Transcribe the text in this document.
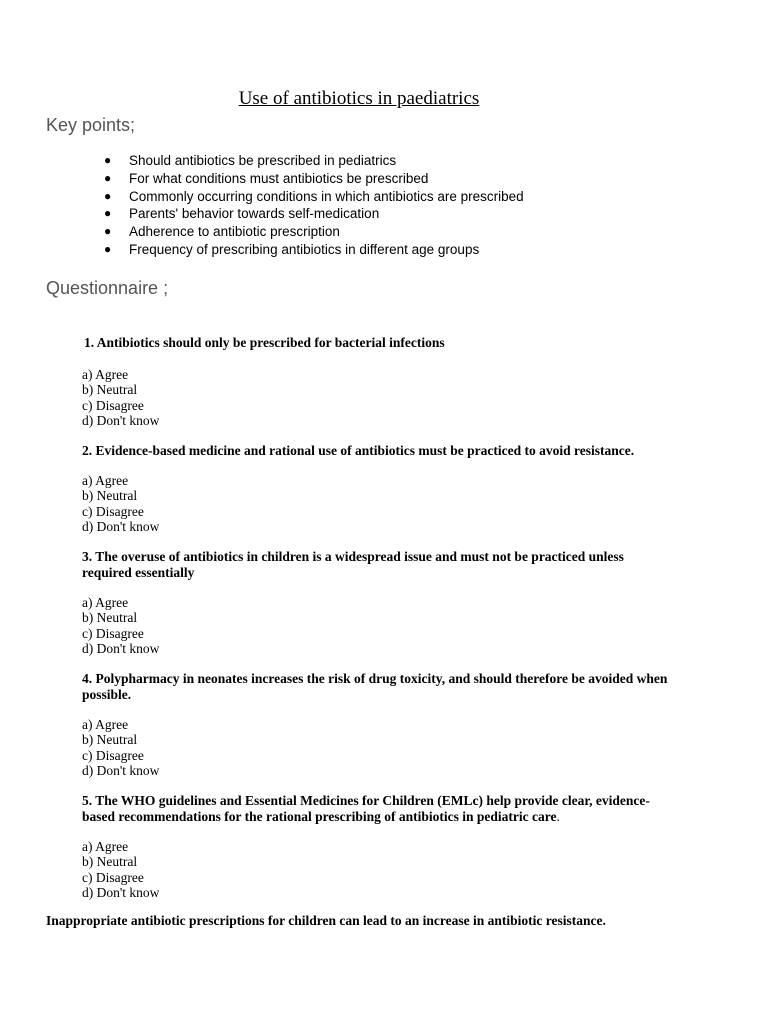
Use of antibiotics in paediatrics
Key points;
● Should antibiotics be prescribed in pediatrics
● For what conditions must antibiotics be prescribed
● Commonly occurring conditions in which antibiotics are prescribed
● Parents' behavior towards self-medication
● Adherence to antibiotic prescription
● Frequency of prescribing antibiotics in different age groups
Questionnaire ;
1. Antibiotics should only be prescribed for bacterial infections
a) Agree
b) Neutral
c) Disagree
d) Don't know
2. Evidence-based medicine and rational use of antibiotics must be practiced to avoid resistance.
a) Agree
b) Neutral
c) Disagree
d) Don't know
3. The overuse of antibiotics in children is a widespread issue and must not be practiced unless required essentially
a) Agree
b) Neutral
c) Disagree
d) Don't know
4. Polypharmacy in neonates increases the risk of drug toxicity, and should therefore be avoided when possible.
a) Agree
b) Neutral
c) Disagree
d) Don't know
5. The WHO guidelines and Essential Medicines for Children (EMLc) help provide clear, evidence-based recommendations for the rational prescribing of antibiotics in pediatric care.
a) Agree
b) Neutral
c) Disagree
d) Don't know
Inappropriate antibiotic prescriptions for children can lead to an increase in antibiotic resistance.
